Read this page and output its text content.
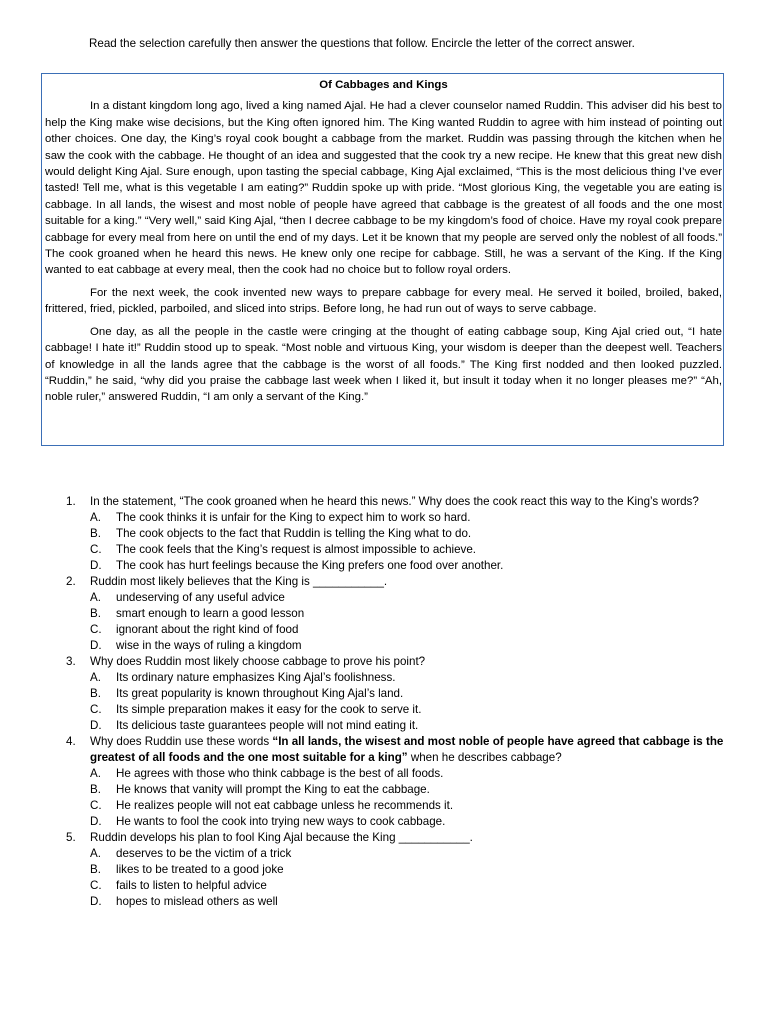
Read the selection carefully then answer the questions that follow. Encircle the letter of the correct answer.
Of Cabbages and Kings

In a distant kingdom long ago, lived a king named Ajal. He had a clever counselor named Ruddin. This adviser did his best to help the King make wise decisions, but the King often ignored him. The King wanted Ruddin to agree with him instead of pointing out other choices. One day, the King’s royal cook bought a cabbage from the market. Ruddin was passing through the kitchen when he saw the cook with the cabbage. He thought of an idea and suggested that the cook try a new recipe. He knew that this great new dish would delight King Ajal. Sure enough, upon tasting the special cabbage, King Ajal exclaimed, “This is the most delicious thing I’ve ever tasted! Tell me, what is this vegetable I am eating?” Ruddin spoke up with pride. “Most glorious King, the vegetable you are eating is cabbage. In all lands, the wisest and most noble of people have agreed that cabbage is the greatest of all foods and the one most suitable for a king.” “Very well,” said King Ajal, “then I decree cabbage to be my kingdom’s food of choice. Have my royal cook prepare cabbage for every meal from here on until the end of my days. Let it be known that my people are served only the noblest of all foods.” The cook groaned when he heard this news. He knew only one recipe for cabbage. Still, he was a servant of the King. If the King wanted to eat cabbage at every meal, then the cook had no choice but to follow royal orders.

For the next week, the cook invented new ways to prepare cabbage for every meal. He served it boiled, broiled, baked, frittered, fried, pickled, parboiled, and sliced into strips. Before long, he had run out of ways to serve cabbage.

One day, as all the people in the castle were cringing at the thought of eating cabbage soup, King Ajal cried out, “I hate cabbage! I hate it!” Ruddin stood up to speak. “Most noble and virtuous King, your wisdom is deeper than the deepest well. Teachers of knowledge in all the lands agree that the cabbage is the worst of all foods.” The King first nodded and then looked puzzled. “Ruddin,” he said, “why did you praise the cabbage last week when I liked it, but insult it today when it no longer pleases me?” “Ah, noble ruler,” answered Ruddin, “I am only a servant of the King.”

1. In the statement, “The cook groaned when he heard this news.” Why does the cook react this way to the King’s words?
A. The cook thinks it is unfair for the King to expect him to work so hard.
B. The cook objects to the fact that Ruddin is telling the King what to do.
C. The cook feels that the King’s request is almost impossible to achieve.
D. The cook has hurt feelings because the King prefers one food over another.
2. Ruddin most likely believes that the King is ___________.
A. undeserving of any useful advice
B. smart enough to learn a good lesson
C. ignorant about the right kind of food
D. wise in the ways of ruling a kingdom
3. Why does Ruddin most likely choose cabbage to prove his point?
A. Its ordinary nature emphasizes King Ajal’s foolishness.
B. Its great popularity is known throughout King Ajal’s land.
C. Its simple preparation makes it easy for the cook to serve it.
D. Its delicious taste guarantees people will not mind eating it.
4. Why does Ruddin use these words “In all lands, the wisest and most noble of people have agreed that cabbage is the greatest of all foods and the one most suitable for a king” when he describes cabbage?
A. He agrees with those who think cabbage is the best of all foods.
B. He knows that vanity will prompt the King to eat the cabbage.
C. He realizes people will not eat cabbage unless he recommends it.
D. He wants to fool the cook into trying new ways to cook cabbage.
5. Ruddin develops his plan to fool King Ajal because the King ___________.
A. deserves to be the victim of a trick
B. likes to be treated to a good joke
C. fails to listen to helpful advice
D. hopes to mislead others as well
